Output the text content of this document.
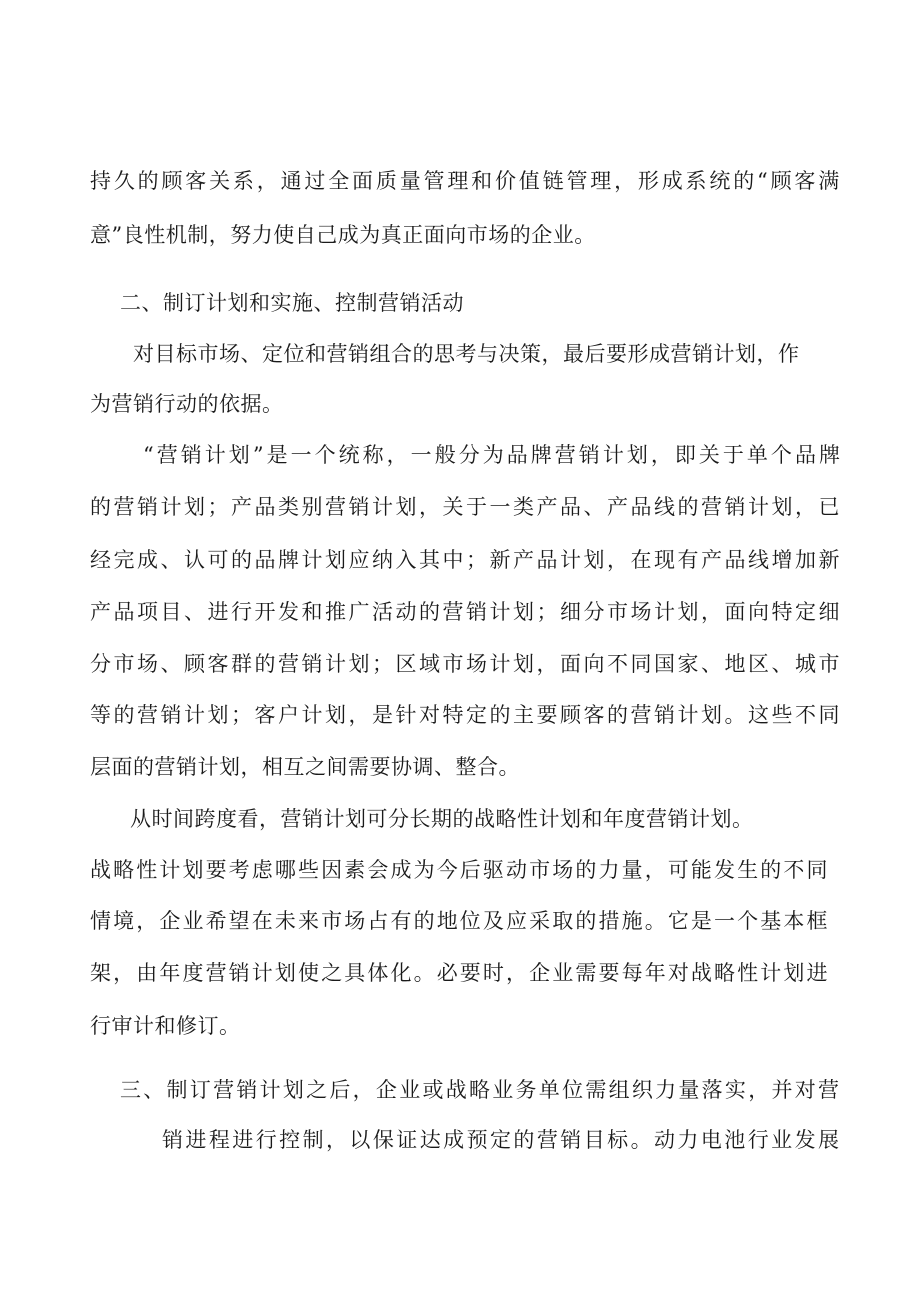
持久的顾客关系，通过全面质量管理和价值链管理，形成系统的“顾客满
意”良性机制，努力使自己成为真正面向市场的企业。
二、制订计划和实施、控制营销活动
对目标市场、定位和营销组合的思考与决策，最后要形成营销计划，作
为营销行动的依据。
“营销计划”是一个统称，一般分为品牌营销计划，即关于单个品牌
的营销计划；产品类别营销计划，关于一类产品、产品线的营销计划，已
经完成、认可的品牌计划应纳入其中；新产品计划，在现有产品线增加新
产品项目、进行开发和推广活动的营销计划；细分市场计划，面向特定细
分市场、顾客群的营销计划；区域市场计划，面向不同国家、地区、城市
等的营销计划；客户计划，是针对特定的主要顾客的营销计划。这些不同
层面的营销计划，相互之间需要协调、整合。
从时间跨度看，营销计划可分长期的战略性计划和年度营销计划。
战略性计划要考虑哪些因素会成为今后驱动市场的力量，可能发生的不同
情境，企业希望在未来市场占有的地位及应采取的措施。它是一个基本框
架，由年度营销计划使之具体化。必要时，企业需要每年对战略性计划进
行审计和修订。
三、制订营销计划之后，企业或战略业务单位需组织力量落实，并对营
销进程进行控制，以保证达成预定的营销目标。动力电池行业发展
